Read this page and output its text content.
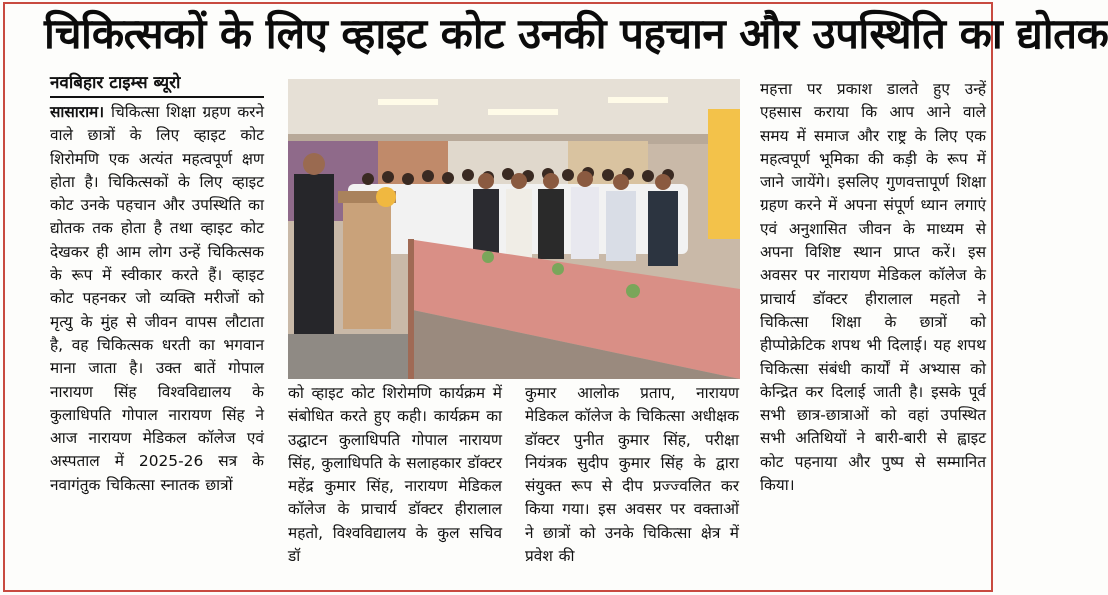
चिकित्सकों के लिए व्हाइट कोट उनकी पहचान और उपस्थिति का द्योतक
नवबिहार टाइम्स ब्यूरो

सासाराम। चिकित्सा शिक्षा ग्रहण करने वाले छात्रों के लिए व्हाइट कोट शिरोमणि एक अत्यंत महत्वपूर्ण क्षण होता है। चिकित्सकों के लिए व्हाइट कोट उनके पहचान और उपस्थिति का द्योतक तक होता है तथा व्हाइट कोट देखकर ही आम लोग उन्हें चिकित्सक के रूप में स्वीकार करते हैं। व्हाइट कोट पहनकर जो व्यक्ति मरीजों को मृत्यु के मुंह से जीवन वापस लौटाता है, वह चिकित्सक धरती का भगवान माना जाता है। उक्त बातें गोपाल नारायण सिंह विश्वविद्यालय के कुलाधिपति गोपाल नारायण सिंह ने आज नारायण मेडिकल कॉलेज एवं अस्पताल में 2025-26 सत्र के नवागंतुक चिकित्सा स्नातक छात्रों

को व्हाइट कोट शिरोमणि कार्यक्रम में संबोधित करते हुए कही। कार्यक्रम का उद्घाटन कुलाधिपति गोपाल नारायण सिंह, कुलाधिपति के सलाहकार डॉक्टर महेंद्र कुमार सिंह, नारायण मेडिकल कॉलेज के प्राचार्य डॉक्टर हीरालाल महतो, विश्वविद्यालय के कुल सचिव डॉ

कुमार आलोक प्रताप, नारायण मेडिकल कॉलेज के चिकित्सा अधीक्षक डॉक्टर पुनीत कुमार सिंह, परीक्षा नियंत्रक सुदीप कुमार सिंह के द्वारा संयुक्त रूप से दीप प्रज्ज्वलित कर किया गया। इस अवसर पर वक्ताओं ने छात्रों को उनके चिकित्सा क्षेत्र में प्रवेश की

महत्ता पर प्रकाश डालते हुए उन्हें एहसास कराया कि आप आने वाले समय में समाज और राष्ट्र के लिए एक महत्वपूर्ण भूमिका की कड़ी के रूप में जाने जायेंगे। इसलिए गुणवत्तापूर्ण शिक्षा ग्रहण करने में अपना संपूर्ण ध्यान लगाएं एवं अनुशासित जीवन के माध्यम से अपना विशिष्ट स्थान प्राप्त करें। इस अवसर पर नारायण मेडिकल कॉलेज के प्राचार्य डॉक्टर हीरालाल महतो ने चिकित्सा शिक्षा के छात्रों को हीप्पोक्रेटिक शपथ भी दिलाई। यह शपथ चिकित्सा संबंधी कार्यों में अभ्यास को केन्द्रित कर दिलाई जाती है। इसके पूर्व सभी छात्र-छात्राओं को वहां उपस्थित सभी अतिथियों ने बारी-बारी से ह्वाइट कोट पहनाया और पुष्प से सम्मानित किया।
